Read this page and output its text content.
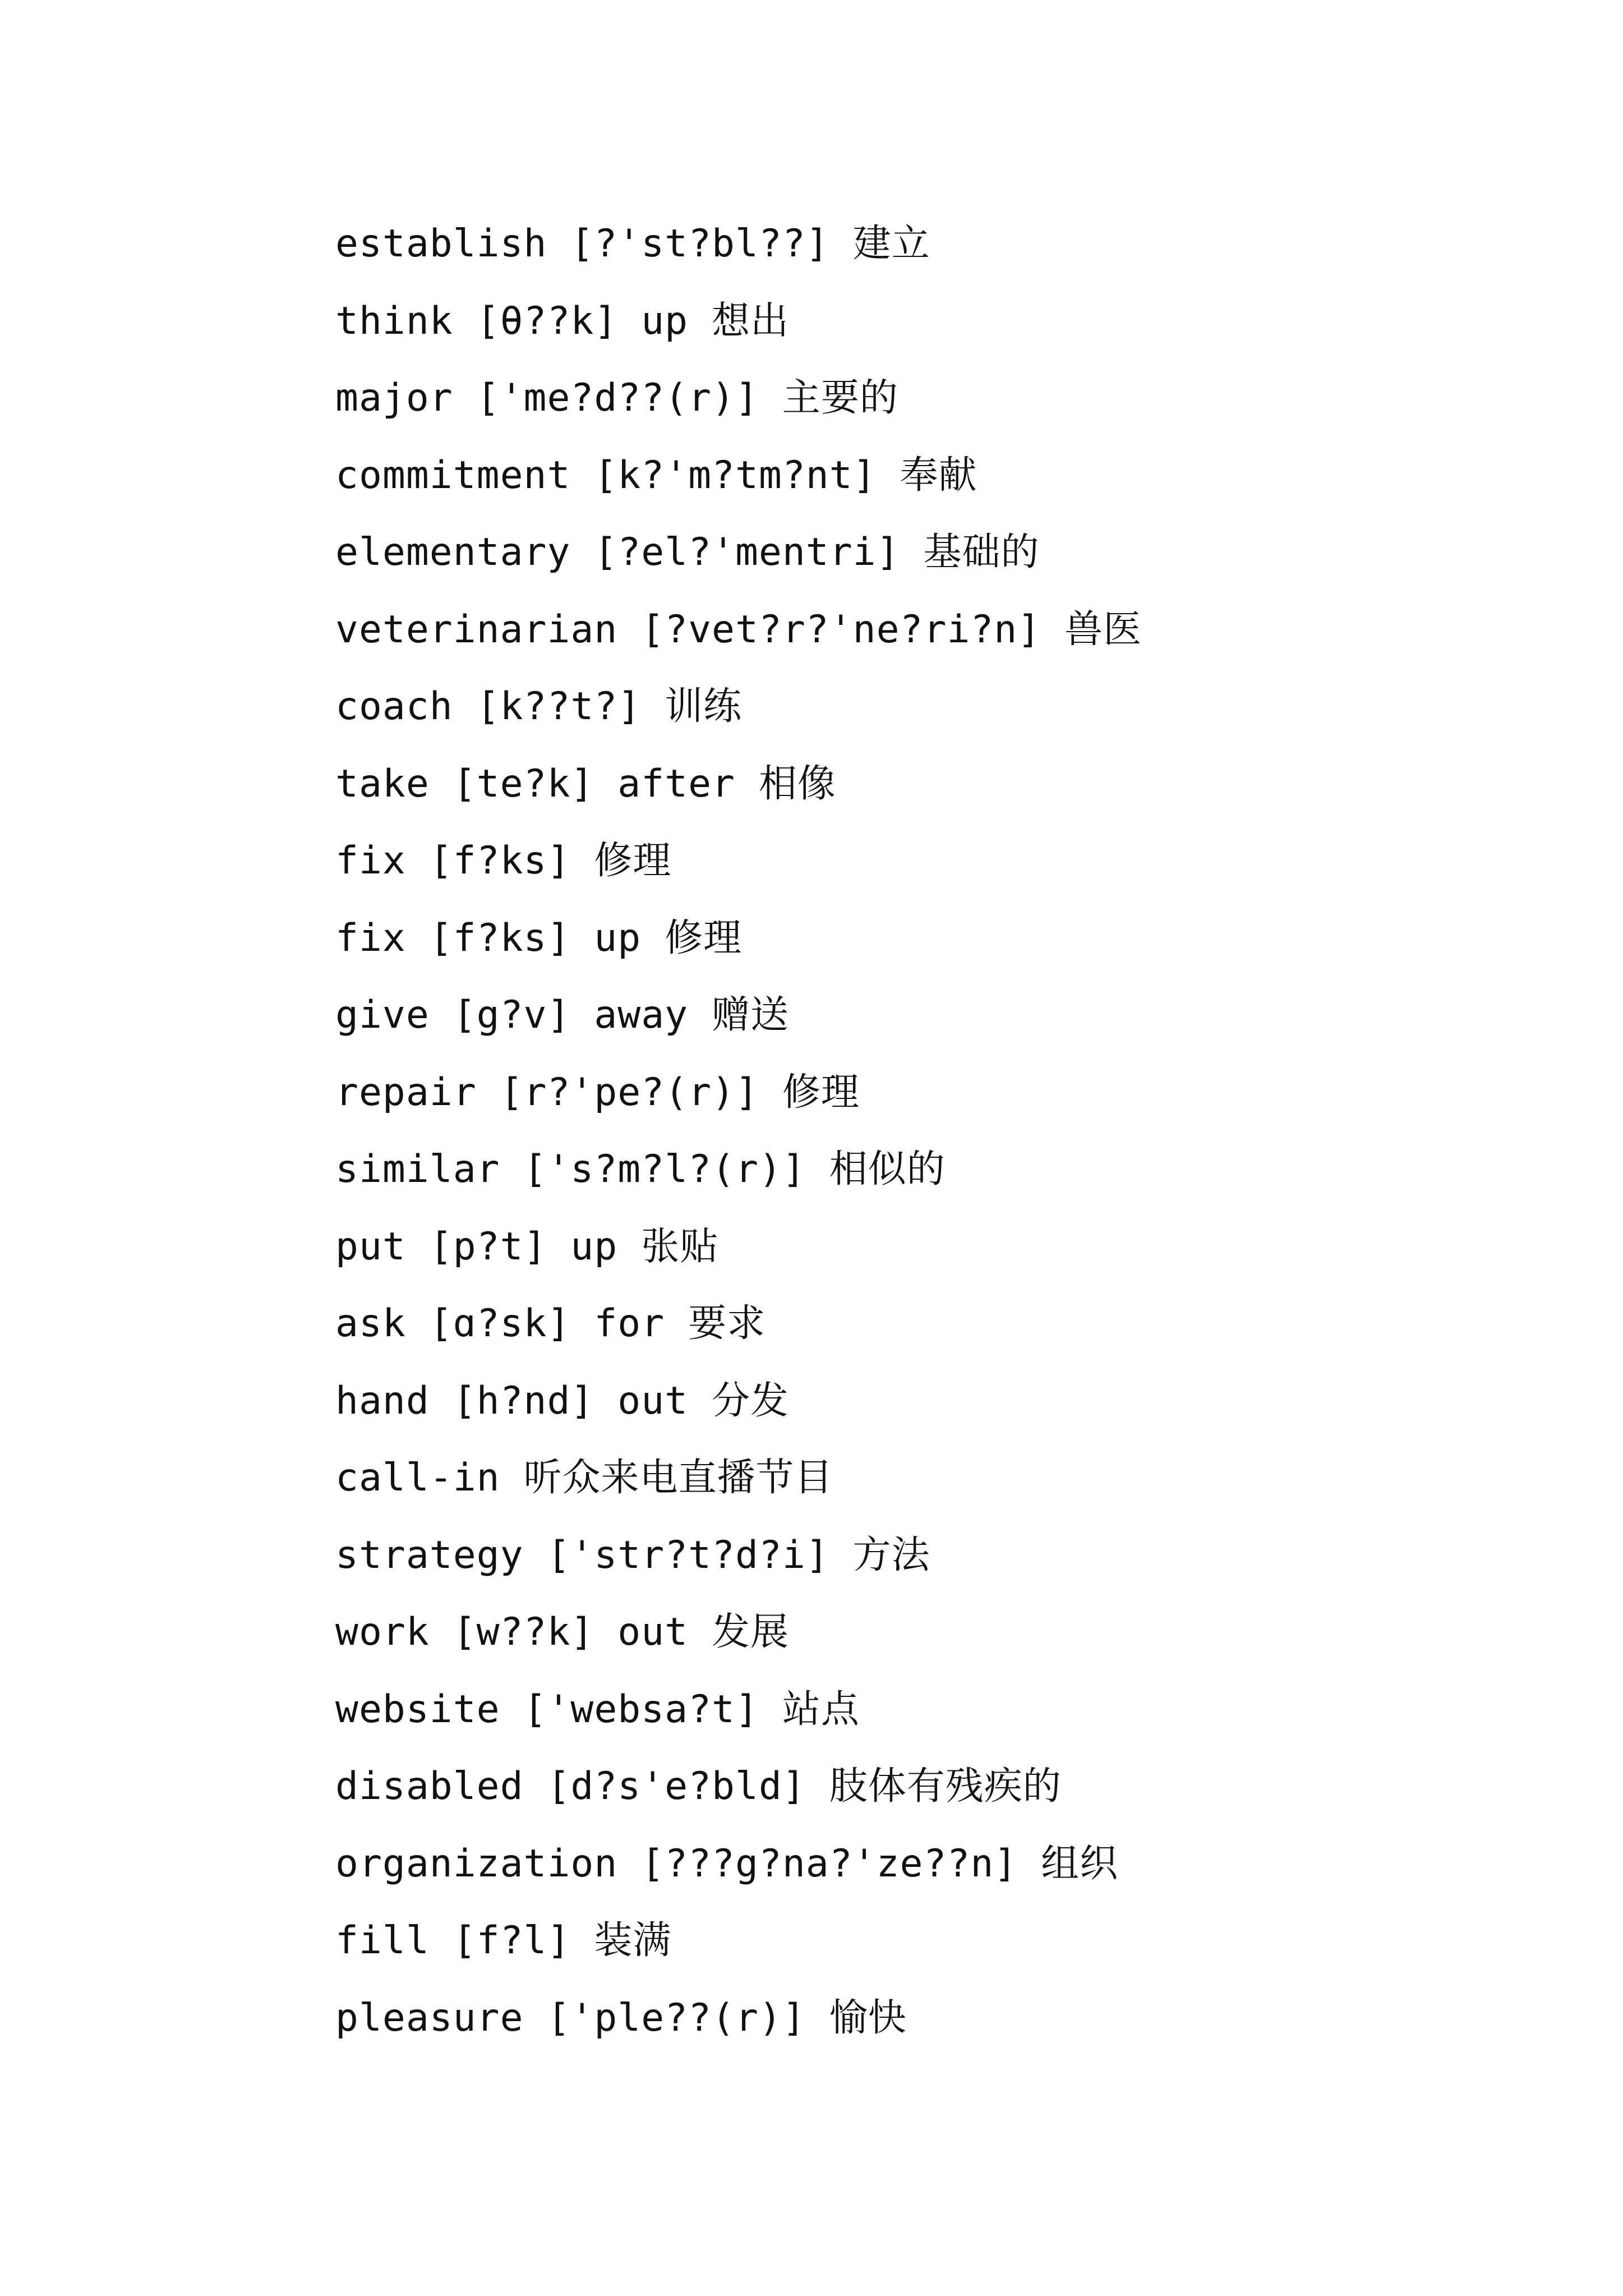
establish [?'st?bl??] 建立
think [θ??k] up 想出
major ['me?d??(r)] 主要的
commitment [k?'m?tm?nt] 奉献
elementary [?el?'mentri] 基础的
veterinarian [?vet?r?'ne?ri?n] 兽医
coach [k??t?] 训练
take [te?k] after 相像
fix [f?ks] 修理
fix [f?ks] up 修理
give [g?v] away 赠送
repair [r?'pe?(r)] 修理
similar ['s?m?l?(r)] 相似的
put [p?t] up 张贴
ask [ɑ?sk] for 要求
hand [h?nd] out 分发
call-in 听众来电直播节目
strategy ['str?t?d?i] 方法
work [w??k] out 发展
website ['websa?t] 站点
disabled [d?s'e?bld] 肢体有残疾的
organization [???g?na?'ze??n] 组织
fill [f?l] 装满
pleasure ['ple??(r)] 愉快
